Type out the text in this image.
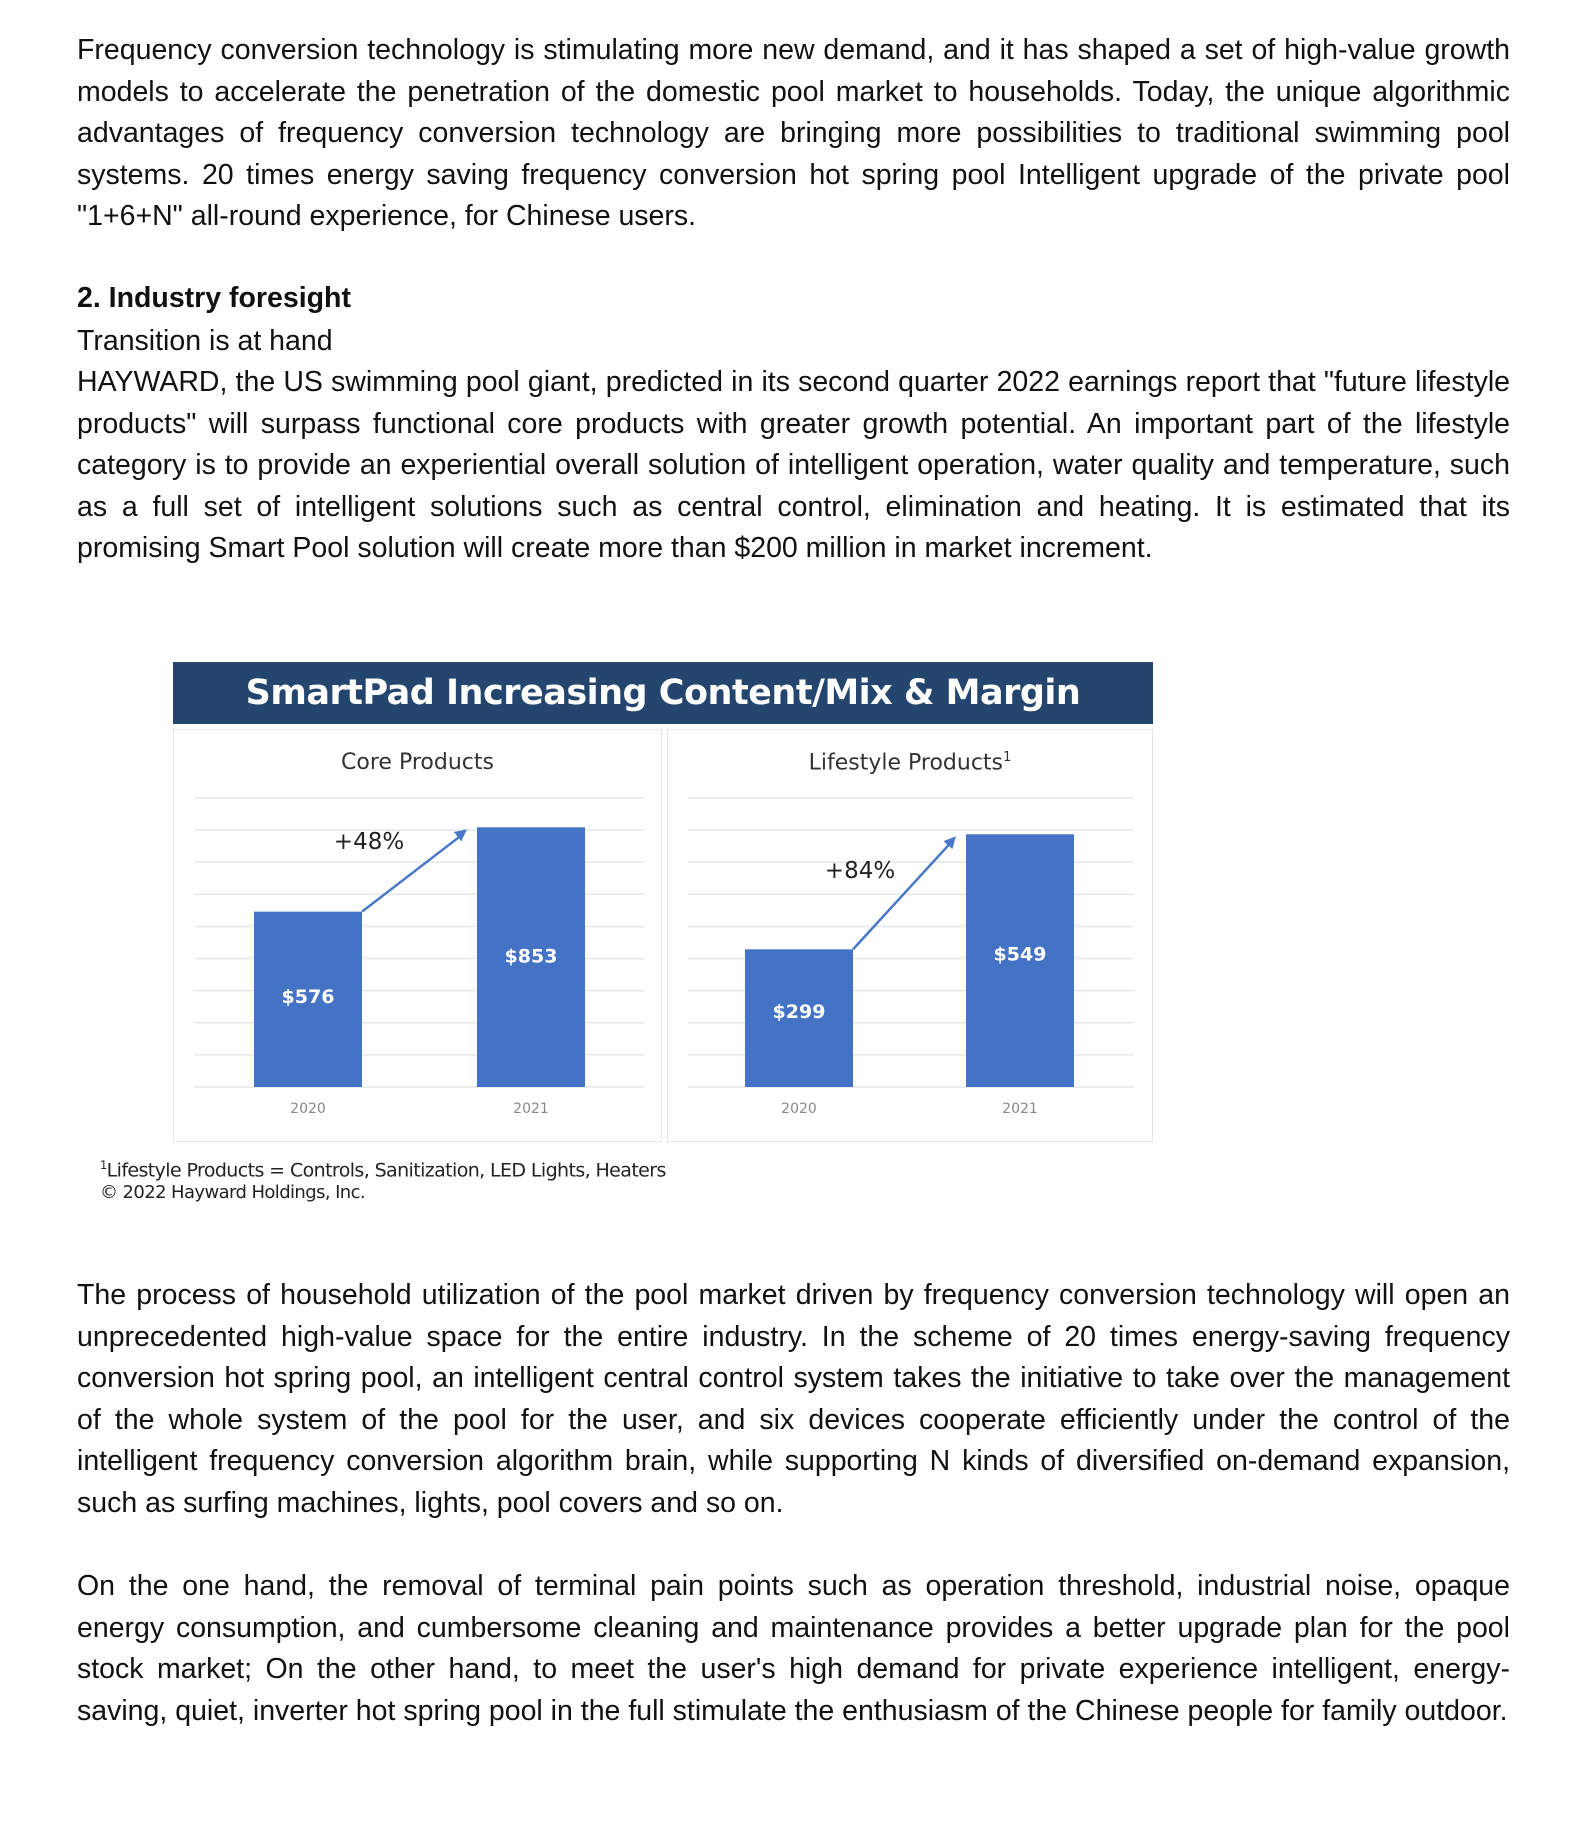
Frequency conversion technology is stimulating more new demand, and it has shaped a set of high-value growth models to accelerate the penetration of the domestic pool market to households. Today, the unique algorithmic advantages of frequency conversion technology are bringing more possibilities to traditional swimming pool systems. 20 times energy saving frequency conversion hot spring pool Intelligent upgrade of the private pool "1+6+N" all-round experience, for Chinese users.

2. Industry foresight

Transition is at hand

HAYWARD, the US swimming pool giant, predicted in its second quarter 2022 earnings report that "future lifestyle products" will surpass functional core products with greater growth potential. An important part of the lifestyle category is to provide an experiential overall solution of intelligent operation, water quality and temperature, such as a full set of intelligent solutions such as central control, elimination and heating. It is estimated that its promising Smart Pool solution will create more than $200 million in market increment.

SmartPad Increasing Content/Mix & Margin
Core Products
$576
2020
$853
2021
+48%
Lifestyle Products$^1$
$299
2020
$549
2021
+84%
$^1$Lifestyle Products = Controls, Sanitization, LED Lights, Heaters
© 2022 Hayward Holdings, Inc.

The process of household utilization of the pool market driven by frequency conversion technology will open an unprecedented high-value space for the entire industry. In the scheme of 20 times energy-saving frequency conversion hot spring pool, an intelligent central control system takes the initiative to take over the management of the whole system of the pool for the user, and six devices cooperate efficiently under the control of the intelligent frequency conversion algorithm brain, while supporting N kinds of diversified on-demand expansion, such as surfing machines, lights, pool covers and so on.

On the one hand, the removal of terminal pain points such as operation threshold, industrial noise, opaque energy consumption, and cumbersome cleaning and maintenance provides a better upgrade plan for the pool stock market; On the other hand, to meet the user's high demand for private experience intelligent, energy-saving, quiet, inverter hot spring pool in the full stimulate the enthusiasm of the Chinese people for family outdoor.
